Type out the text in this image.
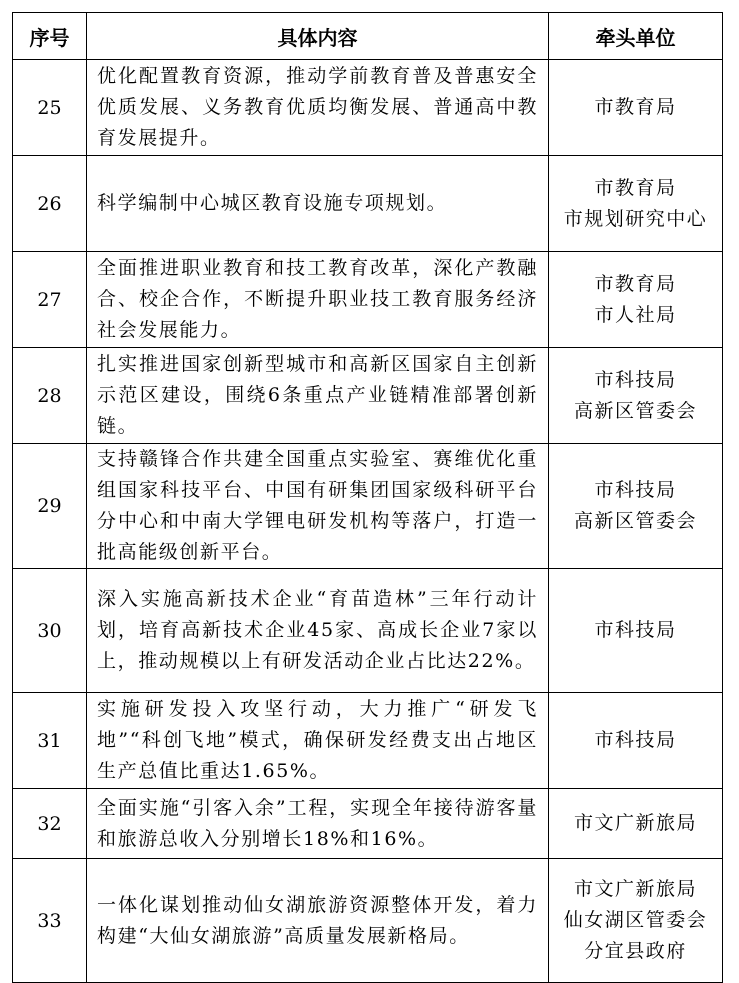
序号	具体内容	牵头单位
25	优化配置教育资源，推动学前教育普及普惠安全优质发展、义务教育优质均衡发展、普通高中教育发展提升。	市教育局

26	科学编制中心城区教育设施专项规划。	市教育局
市规划研究中心

27	全面推进职业教育和技工教育改革，深化产教融合、校企合作，不断提升职业技工教育服务经济社会发展能力。	市教育局
市人社局

28	扎实推进国家创新型城市和高新区国家自主创新示范区建设，围绕6条重点产业链精准部署创新链。	市科技局
高新区管委会

29	支持赣锋合作共建全国重点实验室、赛维优化重组国家科技平台、中国有研集团国家级科研平台分中心和中南大学锂电研发机构等落户，打造一批高能级创新平台。	市科技局
高新区管委会

30	深入实施高新技术企业“育苗造林”三年行动计划，培育高新技术企业45家、高成长企业7家以上，推动规模以上有研发活动企业占比达22%。	市科技局

31	实施研发投入攻坚行动，大力推广“研发飞地”“科创飞地”模式，确保研发经费支出占地区生产总值比重达1.65%。	市科技局

32	全面实施“引客入余”工程，实现全年接待游客量和旅游总收入分别增长18%和16%。	市文广新旅局

33	一体化谋划推动仙女湖旅游资源整体开发，着力构建“大仙女湖旅游”高质量发展新格局。	市文广新旅局
仙女湖区管委会
分宜县政府
